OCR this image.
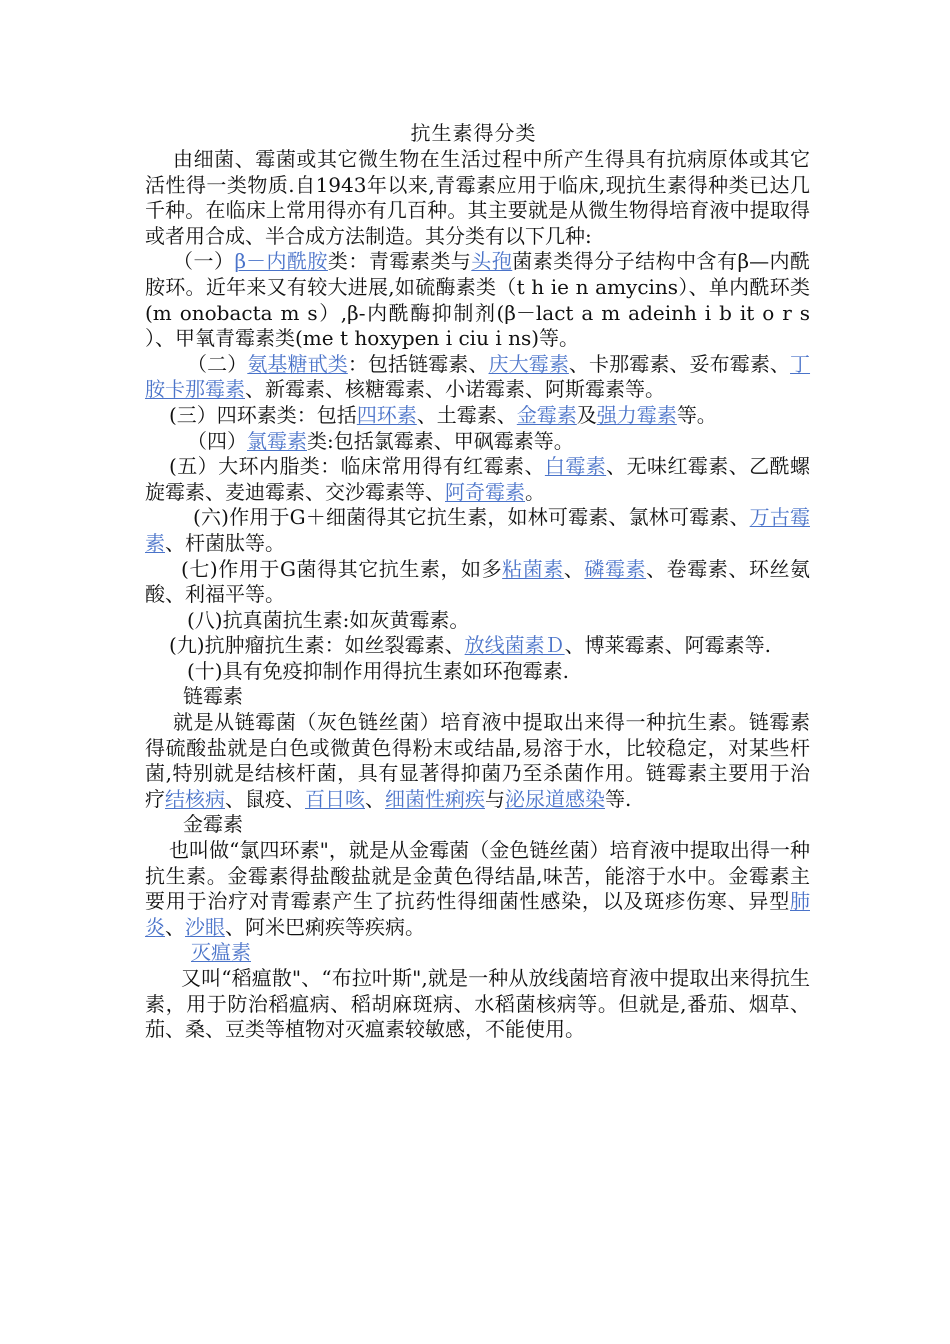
抗生素得分类

由细菌、霉菌或其它微生物在生活过程中所产生得具有抗病原体或其它活性得一类物质.自1943年以来,青霉素应用于临床,现抗生素得种类已达几千种。在临床上常用得亦有几百种。其主要就是从微生物得培育液中提取得或者用合成、半合成方法制造。其分类有以下几种:

（一）β－内酰胺类：青霉素类与头孢菌素类得分子结构中含有β—内酰胺环。近年来又有较大进展,如硫酶素类（t h ie n amycins）、单内酰环类(m onobacta m s）,β-内酰酶抑制剂(β－lact a m adeinh i b it o r s ）、甲氧青霉素类(me t hoxypen i ciu i ns)等。

（二）氨基糖甙类：包括链霉素、庆大霉素、卡那霉素、妥布霉素、丁胺卡那霉素、新霉素、核糖霉素、小诺霉素、阿斯霉素等。

(三）四环素类：包括四环素、土霉素、金霉素及强力霉素等。

（四）氯霉素类:包括氯霉素、甲砜霉素等。

(五）大环内脂类：临床常用得有红霉素、白霉素、无味红霉素、乙酰螺旋霉素、麦迪霉素、交沙霉素等、阿奇霉素。

(六)作用于G＋细菌得其它抗生素，如林可霉素、氯林可霉素、万古霉素、杆菌肽等。

(七)作用于G菌得其它抗生素，如多粘菌素、磷霉素、卷霉素、环丝氨酸、利福平等。

(八)抗真菌抗生素:如灰黄霉素。

(九)抗肿瘤抗生素：如丝裂霉素、放线菌素Ｄ、博莱霉素、阿霉素等.

(十)具有免疫抑制作用得抗生素如环孢霉素.

链霉素

就是从链霉菌（灰色链丝菌）培育液中提取出来得一种抗生素。链霉素得硫酸盐就是白色或微黄色得粉末或结晶,易溶于水，比较稳定，对某些杆菌,特别就是结核杆菌，具有显著得抑菌乃至杀菌作用。链霉素主要用于治疗结核病、鼠疫、百日咳、细菌性痢疾与泌尿道感染等.

金霉素

也叫做“氯四环素"，就是从金霉菌（金色链丝菌）培育液中提取出得一种抗生素。金霉素得盐酸盐就是金黄色得结晶,味苦，能溶于水中。金霉素主要用于治疗对青霉素产生了抗药性得细菌性感染，以及斑疹伤寒、异型肺炎、沙眼、阿米巴痢疾等疾病。

灭瘟素

又叫“稻瘟散"、“布拉叶斯",就是一种从放线菌培育液中提取出来得抗生素，用于防治稻瘟病、稻胡麻斑病、水稻菌核病等。但就是,番茄、烟草、茄、桑、豆类等植物对灭瘟素较敏感，不能使用。
